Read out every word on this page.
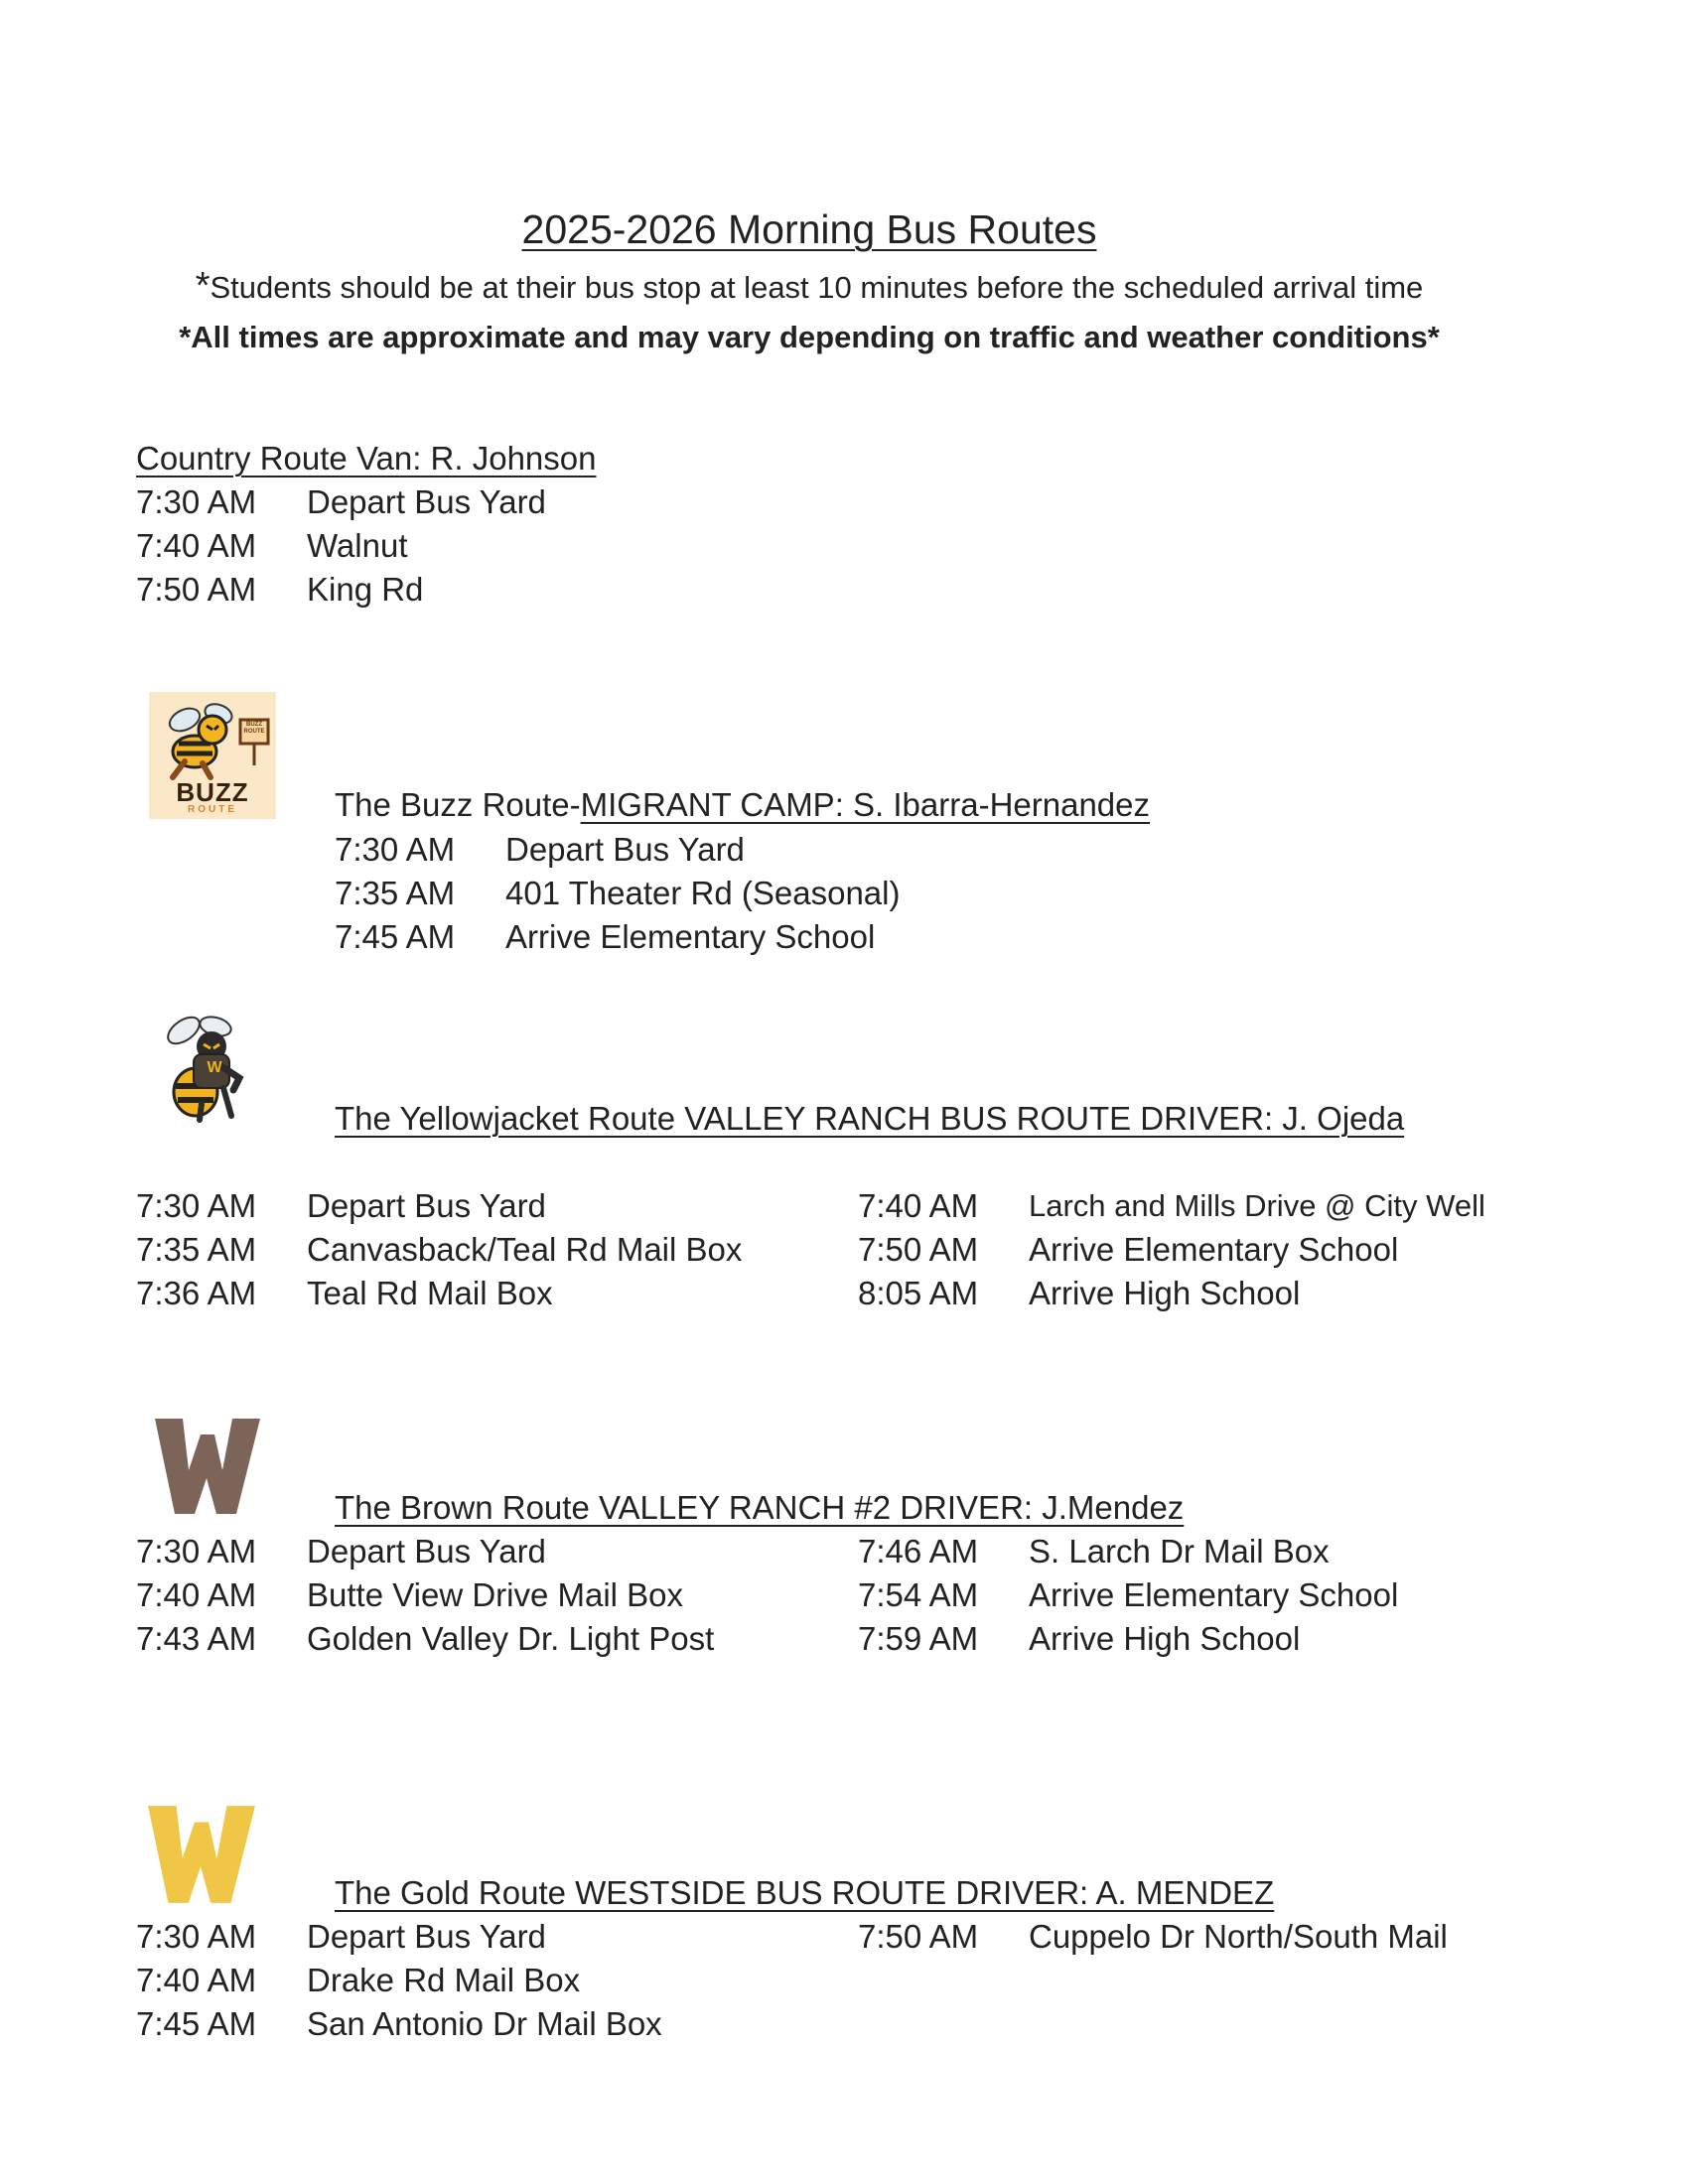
2025-2026 Morning Bus Routes
*Students should be at their bus stop at least 10 minutes before the scheduled arrival time
*All times are approximate and may vary depending on traffic and weather conditions*
Country Route Van: R. Johnson
7:30 AM Depart Bus Yard
7:40 AM Walnut
7:50 AM King Rd
BUZZ ROUTE
BUZZ
ROUTE	The Buzz Route-MIGRANT CAMP: S. Ibarra-Hernandez
7:30 AM Depart Bus Yard
7:35 AM 401 Theater Rd (Seasonal)
7:45 AM Arrive Elementary School
W
The Yellowjacket Route VALLEY RANCH BUS ROUTE DRIVER: J. Ojeda
7:30 AM Depart Bus Yard
7:35 AM Canvasback/Teal Rd Mail Box
7:36 AM Teal Rd Mail Box
7:40 AM Larch and Mills Drive @ City Well
7:50 AM Arrive Elementary School
8:05 AM Arrive High School
The Brown Route VALLEY RANCH #2 DRIVER: J.Mendez
7:30 AM Depart Bus Yard
7:40 AM Butte View Drive Mail Box
7:43 AM Golden Valley Dr. Light Post
7:46 AM S. Larch Dr Mail Box
7:54 AM Arrive Elementary School
7:59 AM Arrive High School
The Gold Route WESTSIDE BUS ROUTE DRIVER: A. MENDEZ
7:30 AM Depart Bus Yard
7:40 AM Drake Rd Mail Box
7:45 AM San Antonio Dr Mail Box
7:50 AM Cuppelo Dr North/South Mail
